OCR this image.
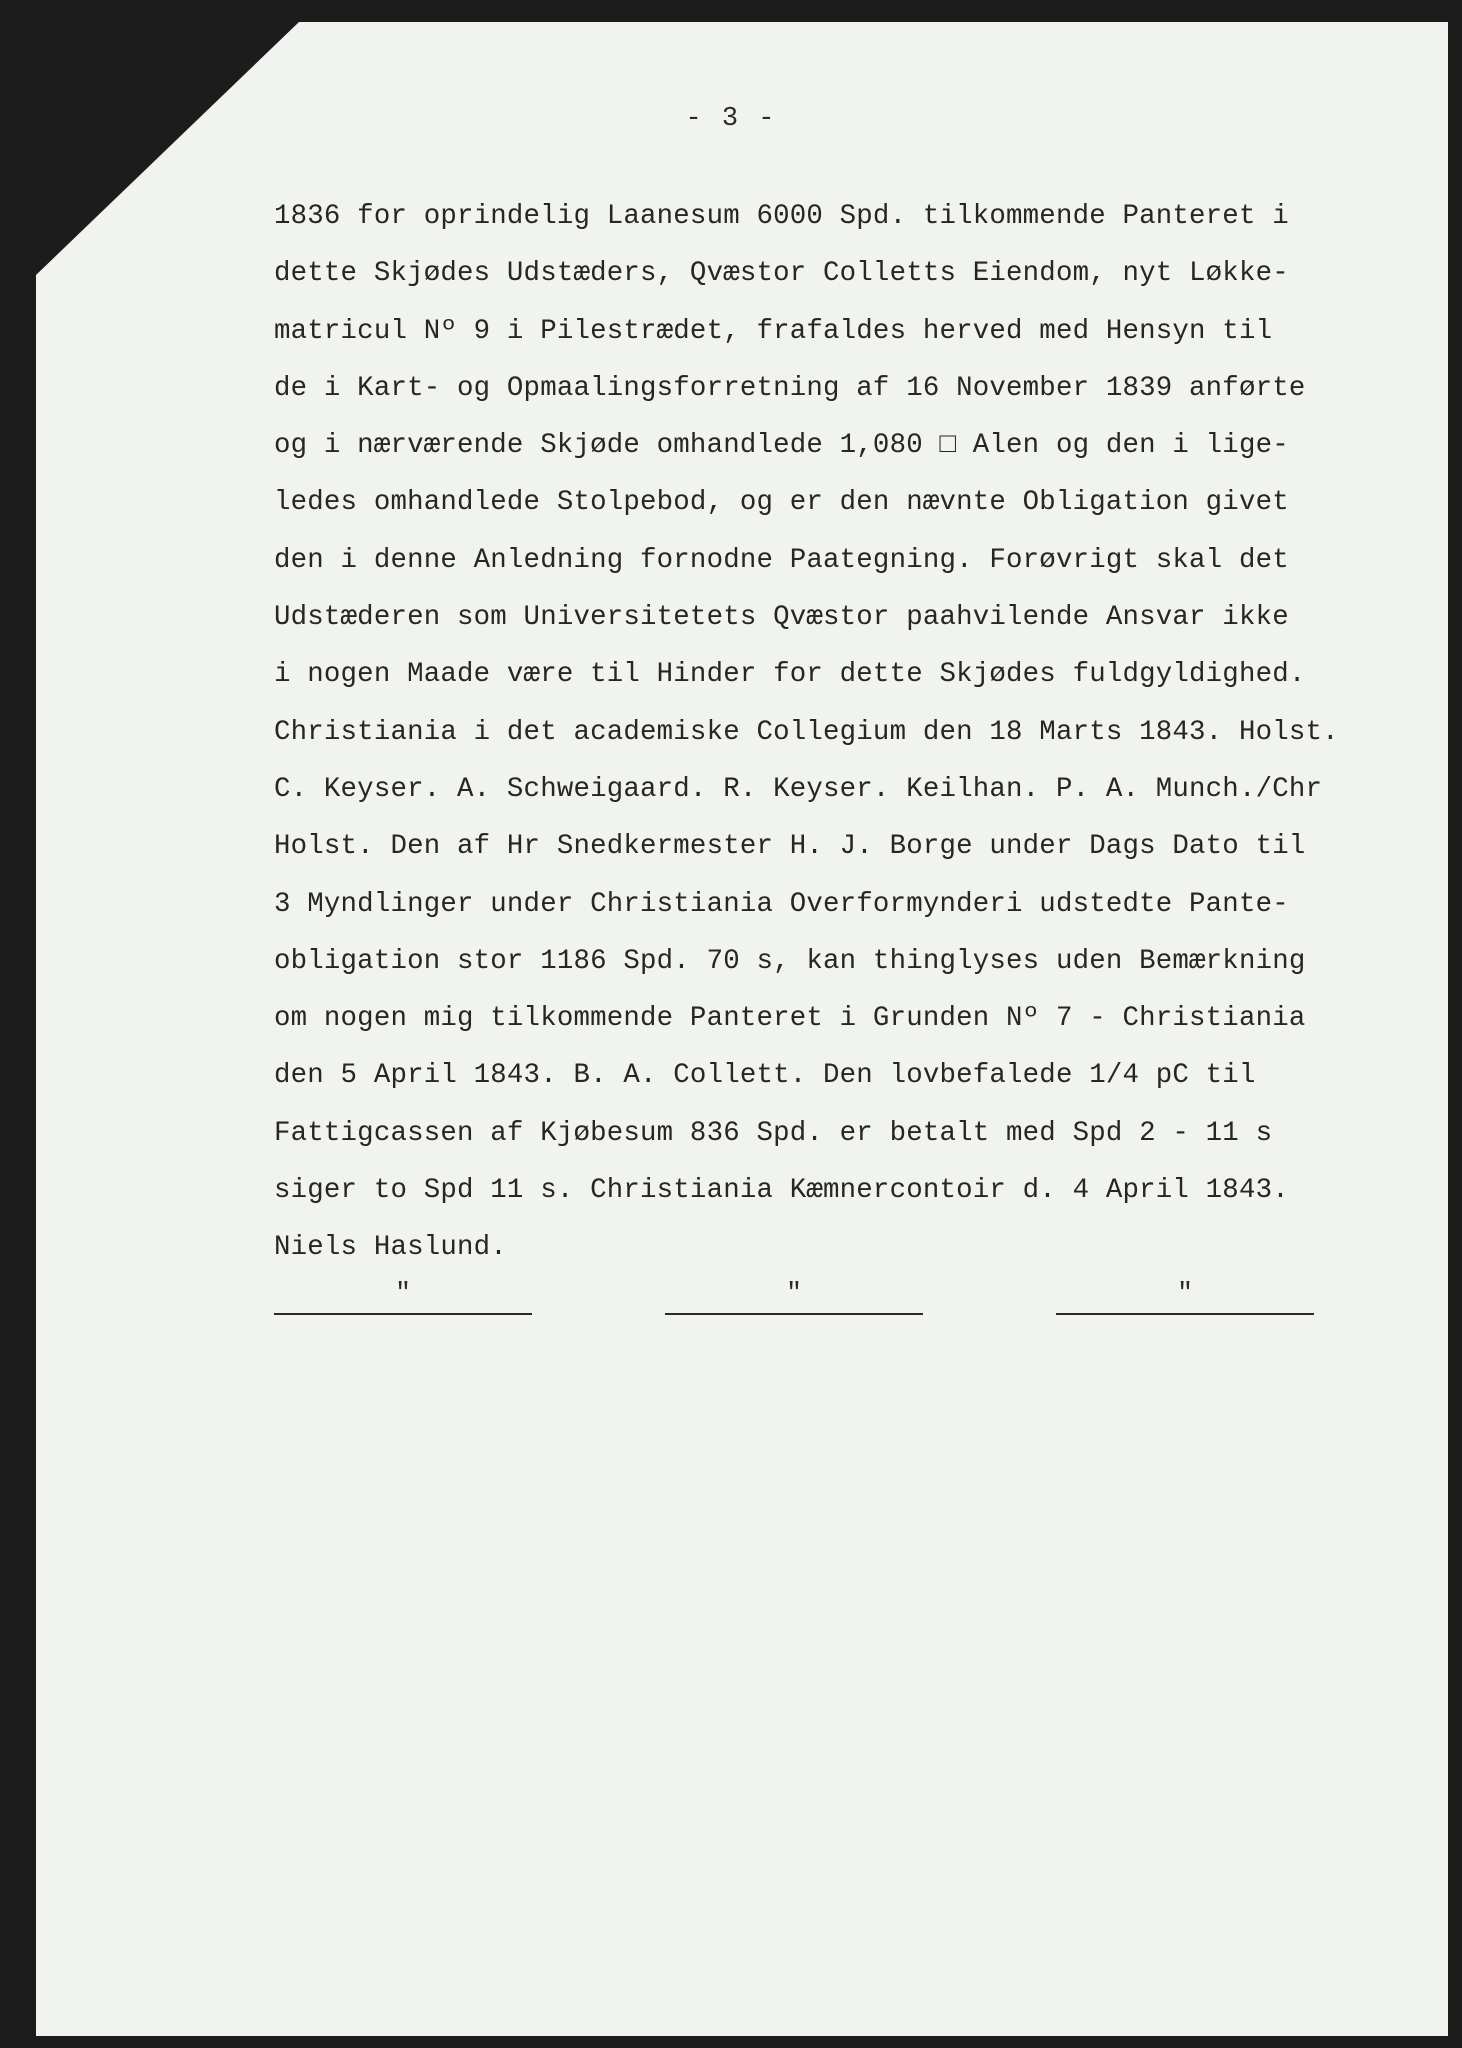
- 3 -
1836 for oprindelig Laanesum 6000 Spd. tilkommende Panteret i
dette Skjødes Udstæders, Qvæstor Colletts Eiendom, nyt Løkke-
matricul Nº 9 i Pilestrædet, frafaldes herved med Hensyn til
de i Kart- og Opmaalingsforretning af 16 November 1839 anførte
og i nærværende Skjøde omhandlede 1,080 □ Alen og den i lige-
ledes omhandlede Stolpebod, og er den nævnte Obligation givet
den i denne Anledning fornodne Paategning. Forøvrigt skal det
Udstæderen som Universitetets Qvæstor paahvilende Ansvar ikke
i nogen Maade være til Hinder for dette Skjødes fuldgyldighed.
Christiania i det academiske Collegium den 18 Marts 1843. Holst.
C. Keyser. A. Schweigaard. R. Keyser. Keilhan. P. A. Munch./Chr
Holst. Den af Hr Snedkermester H. J. Borge under Dags Dato til
3 Myndlinger under Christiania Overformynderi udstedte Pante-
obligation stor 1186 Spd. 70 s, kan thinglyses uden Bemærkning
om nogen mig tilkommende Panteret i Grunden Nº 7 - Christiania
den 5 April 1843. B. A. Collett. Den lovbefalede 1/4 pC til
Fattigcassen af Kjøbesum 836 Spd. er betalt med Spd 2 - 11 s
siger to Spd 11 s. Christiania Kæmnercontoir d. 4 April 1843.
Niels Haslund.
"	"	"
